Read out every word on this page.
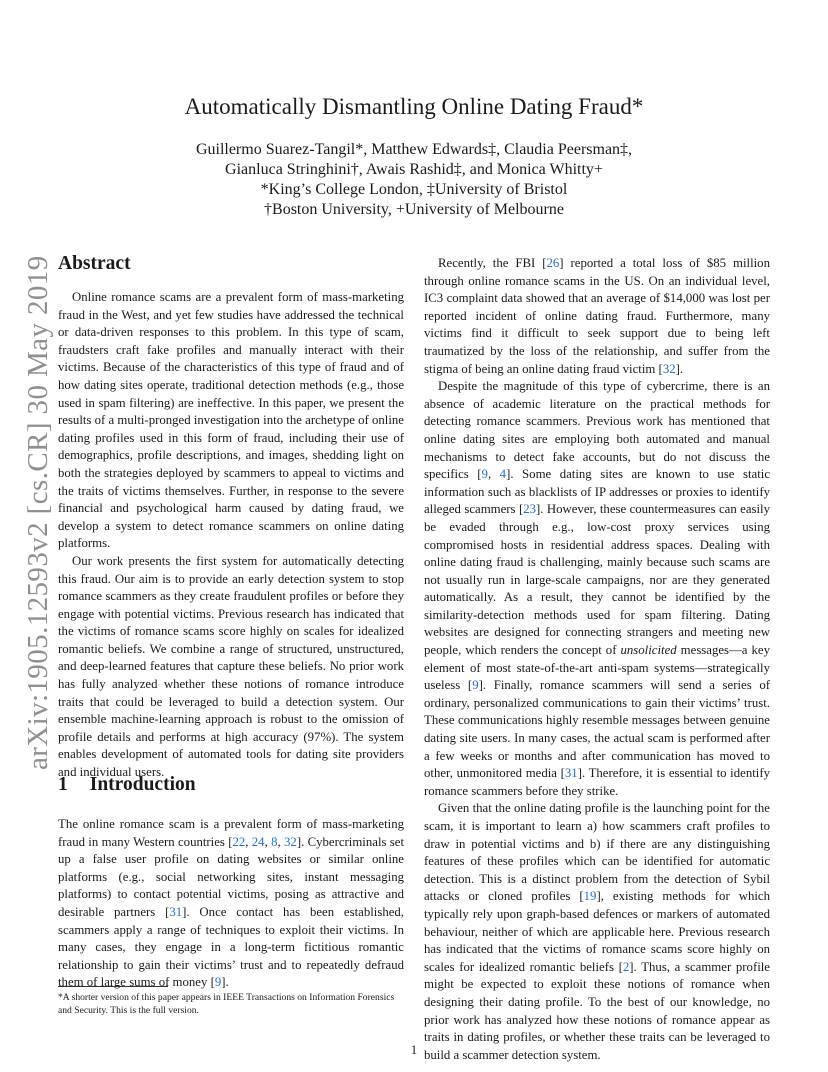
arXiv:1905.12593v2 [cs.CR] 30 May 2019
Automatically Dismantling Online Dating Fraud*
Guillermo Suarez-Tangil*, Matthew Edwards‡, Claudia Peersman‡,
Gianluca Stringhini†, Awais Rashid‡, and Monica Whitty+
*King’s College London, ‡University of Bristol
†Boston University, +University of Melbourne
Abstract

Online romance scams are a prevalent form of mass-marketing fraud in the West, and yet few studies have addressed the technical or data-driven responses to this problem. In this type of scam, fraudsters craft fake profiles and manually interact with their victims. Because of the characteristics of this type of fraud and of how dating sites operate, traditional detection methods (e.g., those used in spam filtering) are ineffective. In this paper, we present the results of a multi-pronged investigation into the archetype of online dating profiles used in this form of fraud, including their use of demographics, profile descriptions, and images, shedding light on both the strategies deployed by scammers to appeal to victims and the traits of victims themselves. Further, in response to the severe financial and psychological harm caused by dating fraud, we develop a system to detect romance scammers on online dating platforms.

Our work presents the first system for automatically detecting this fraud. Our aim is to provide an early detection system to stop romance scammers as they create fraudulent profiles or before they engage with potential victims. Previous research has indicated that the victims of romance scams score highly on scales for idealized romantic beliefs. We combine a range of structured, unstructured, and deep-learned features that capture these beliefs. No prior work has fully analyzed whether these notions of romance introduce traits that could be leveraged to build a detection system. Our ensemble machine-learning approach is robust to the omission of profile details and performs at high accuracy (97%). The system enables development of automated tools for dating site providers and individual users.

1 Introduction

The online romance scam is a prevalent form of mass-marketing fraud in many Western countries [22, 24, 8, 32]. Cybercriminals set up a false user profile on dating websites or similar online platforms (e.g., social networking sites, instant messaging platforms) to contact potential victims, posing as attractive and desirable partners [31]. Once contact has been established, scammers apply a range of techniques to exploit their victims. In many cases, they engage in a long-term fictitious romantic relationship to gain their victims’ trust and to repeatedly defraud them of large sums of money [9].

Recently, the FBI [26] reported a total loss of $85 million through online romance scams in the US. On an individual level, IC3 complaint data showed that an average of $14,000 was lost per reported incident of online dating fraud. Furthermore, many victims find it difficult to seek support due to being left traumatized by the loss of the relationship, and suffer from the stigma of being an online dating fraud victim [32].

Despite the magnitude of this type of cybercrime, there is an absence of academic literature on the practical methods for detecting romance scammers. Previous work has mentioned that online dating sites are employing both automated and manual mechanisms to detect fake accounts, but do not discuss the specifics [9, 4]. Some dating sites are known to use static information such as blacklists of IP addresses or proxies to identify alleged scammers [23]. However, these countermeasures can easily be evaded through e.g., low-cost proxy services using compromised hosts in residential address spaces. Dealing with online dating fraud is challenging, mainly because such scams are not usually run in large-scale campaigns, nor are they generated automatically. As a result, they cannot be identified by the similarity-detection methods used for spam filtering. Dating websites are designed for connecting strangers and meeting new people, which renders the concept of unsolicited messages—a key element of most state-of-the-art anti-spam systems—strategically useless [9]. Finally, romance scammers will send a series of ordinary, personalized communications to gain their victims’ trust. These communications highly resemble messages between genuine dating site users. In many cases, the actual scam is performed after a few weeks or months and after communication has moved to other, unmonitored media [31]. Therefore, it is essential to identify romance scammers before they strike.

Given that the online dating profile is the launching point for the scam, it is important to learn a) how scammers craft profiles to draw in potential victims and b) if there are any distinguishing features of these profiles which can be identified for automatic detection. This is a distinct problem from the detection of Sybil attacks or cloned profiles [19], existing methods for which typically rely upon graph-based defences or markers of automated behaviour, neither of which are applicable here. Previous research has indicated that the victims of romance scams score highly on scales for idealized romantic beliefs [2]. Thus, a scammer profile might be expected to exploit these notions of romance when designing their dating profile. To the best of our knowledge, no prior work has analyzed how these notions of romance appear as traits in dating profiles, or whether these traits can be leveraged to build a scammer detection system.

*A shorter version of this paper appears in IEEE Transactions on Information Forensics and Security. This is the full version.
1
